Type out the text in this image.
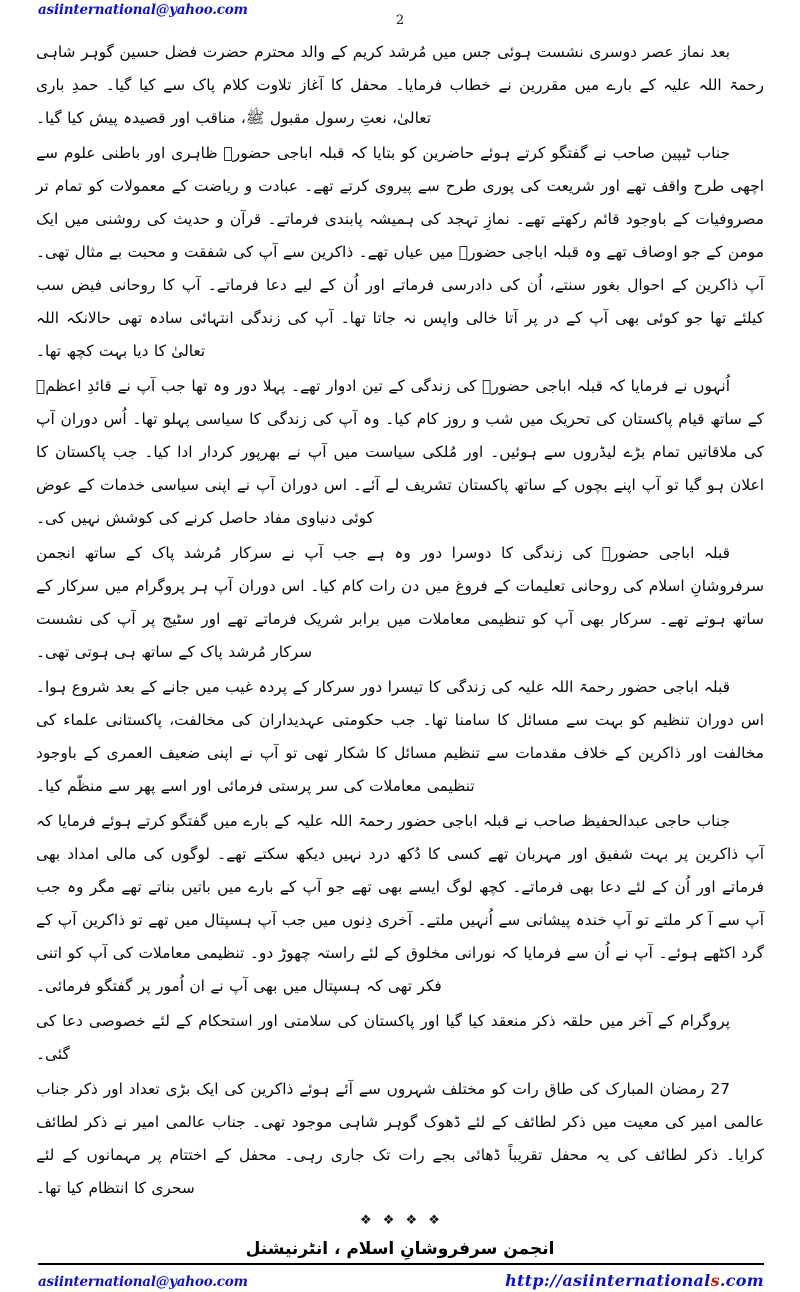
asiinternational@yahoo.com
2

بعد نماز عصر دوسری نشست ہوئی جس میں مُرشد کریم کے والد محترم حضرت فضل حسین گوہر شاہی رحمۃ اللہ علیہ کے بارے میں مقررین نے خطاب فرمایا۔ محفل کا آغاز تلاوت کلام پاک سے کیا گیا۔ حمدِ باری تعالیٰ، نعتِ رسول مقبول ﷺ، مناقب اور قصیدہ پیش کیا گیا۔

جناب ٹیپین صاحب نے گفتگو کرتے ہوئے حاضرین کو بتایا کہ قبلہ اباجی حضورؒ ظاہری اور باطنی علوم سے اچھی طرح واقف تھے اور شریعت کی پوری طرح سے پیروی کرتے تھے۔ عبادت و ریاضت کے معمولات کو تمام تر مصروفیات کے باوجود قائم رکھتے تھے۔ نمازِ تہجد کی ہمیشہ پابندی فرماتے۔ قرآن و حدیث کی روشنی میں ایک مومن کے جو اوصاف تھے وہ قبلہ اباجی حضورؒ میں عیاں تھے۔ ذاکرین سے آپ کی شفقت و محبت بے مثال تھی۔ آپ ذاکرین کے احوال بغور سنتے، اُن کی دادرسی فرماتے اور اُن کے لیے دعا فرماتے۔ آپ کا روحانی فیض سب کیلئے تھا جو کوئی بھی آپ کے در پر آتا خالی واپس نہ جاتا تھا۔ آپ کی زندگی انتہائی سادہ تھی حالانکہ اللہ تعالیٰ کا دیا بہت کچھ تھا۔

اُنہوں نے فرمایا کہ قبلہ اباجی حضورؒ کی زندگی کے تین ادوار تھے۔ پہلا دور وہ تھا جب آپ نے قائدِ اعظمؒ کے ساتھ قیام پاکستان کی تحریک میں شب و روز کام کیا۔ وہ آپ کی زندگی کا سیاسی پہلو تھا۔ اُس دوران آپ کی ملاقاتیں تمام بڑے لیڈروں سے ہوئیں۔ اور مُلکی سیاست میں آپ نے بھرپور کردار ادا کیا۔ جب پاکستان کا اعلان ہو گیا تو آپ اپنے بچوں کے ساتھ پاکستان تشریف لے آئے۔ اس دوران آپ نے اپنی سیاسی خدمات کے عوض کوئی دنیاوی مفاد حاصل کرنے کی کوشش نہیں کی۔

قبلہ اباجی حضورؒ کی زندگی کا دوسرا دور وہ ہے جب آپ نے سرکار مُرشد پاک کے ساتھ انجمن سرفروشانِ اسلام کی روحانی تعلیمات کے فروغ میں دن رات کام کیا۔ اس دوران آپ ہر پروگرام میں سرکار کے ساتھ ہوتے تھے۔ سرکار بھی آپ کو تنظیمی معاملات میں برابر شریک فرماتے تھے اور سٹیج پر آپ کی نشست سرکار مُرشد پاک کے ساتھ ہی ہوتی تھی۔

قبلہ اباجی حضور رحمۃ اللہ علیہ کی زندگی کا تیسرا دور سرکار کے پردہ غیب میں جانے کے بعد شروع ہوا۔ اس دوران تنظیم کو بہت سے مسائل کا سامنا تھا۔ جب حکومتی عہدیداران کی مخالفت، پاکستانی علماء کی مخالفت اور ذاکرین کے خلاف مقدمات سے تنظیم مسائل کا شکار تھی تو آپ نے اپنی ضعیف العمری کے باوجود تنظیمی معاملات کی سر پرستی فرمائی اور اسے پھر سے منظّم کیا۔

جناب حاجی عبدالحفیظ صاحب نے قبلہ اباجی حضور رحمۃ اللہ علیہ کے بارے میں گفتگو کرتے ہوئے فرمایا کہ آپ ذاکرین پر بہت شفیق اور مہربان تھے کسی کا دُکھ درد نہیں دیکھ سکتے تھے۔ لوگوں کی مالی امداد بھی فرماتے اور اُن کے لئے دعا بھی فرماتے۔ کچھ لوگ ایسے بھی تھے جو آپ کے بارے میں باتیں بناتے تھے مگر وہ جب آپ سے آ کر ملتے تو آپ خندہ پیشانی سے اُنہیں ملتے۔ آخری دِنوں میں جب آپ ہسپتال میں تھے تو ذاکرین آپ کے گرد اکٹھے ہوئے۔ آپ نے اُن سے فرمایا کہ نورانی مخلوق کے لئے راستہ چھوڑ دو۔ تنظیمی معاملات کی آپ کو اتنی فکر تھی کہ ہسپتال میں بھی آپ نے ان اُمور پر گفتگو فرمائی۔

پروگرام کے آخر میں حلقہ ذکر منعقد کیا گیا اور پاکستان کی سلامتی اور استحکام کے لئے خصوصی دعا کی گئی۔

27 رمضان المبارک کی طاق رات کو مختلف شہروں سے آئے ہوئے ذاکرین کی ایک بڑی تعداد اور ذکر جناب عالمی امیر کی معیت میں ذکر لطائف کے لئے ڈھوک گوہر شاہی موجود تھی۔ جناب عالمی امیر نے ذکر لطائف کرایا۔ ذکر لطائف کی یہ محفل تقریباً ڈھائی بجے رات تک جاری رہی۔ محفل کے اختتام پر مہمانوں کے لئے سحری کا انتظام کیا تھا۔

❖ ❖ ❖ ❖
انجمن سرفروشانِ اسلام ، انٹرنیشنل
asiinternational@yahoo.com	http://asiinternationals.com
